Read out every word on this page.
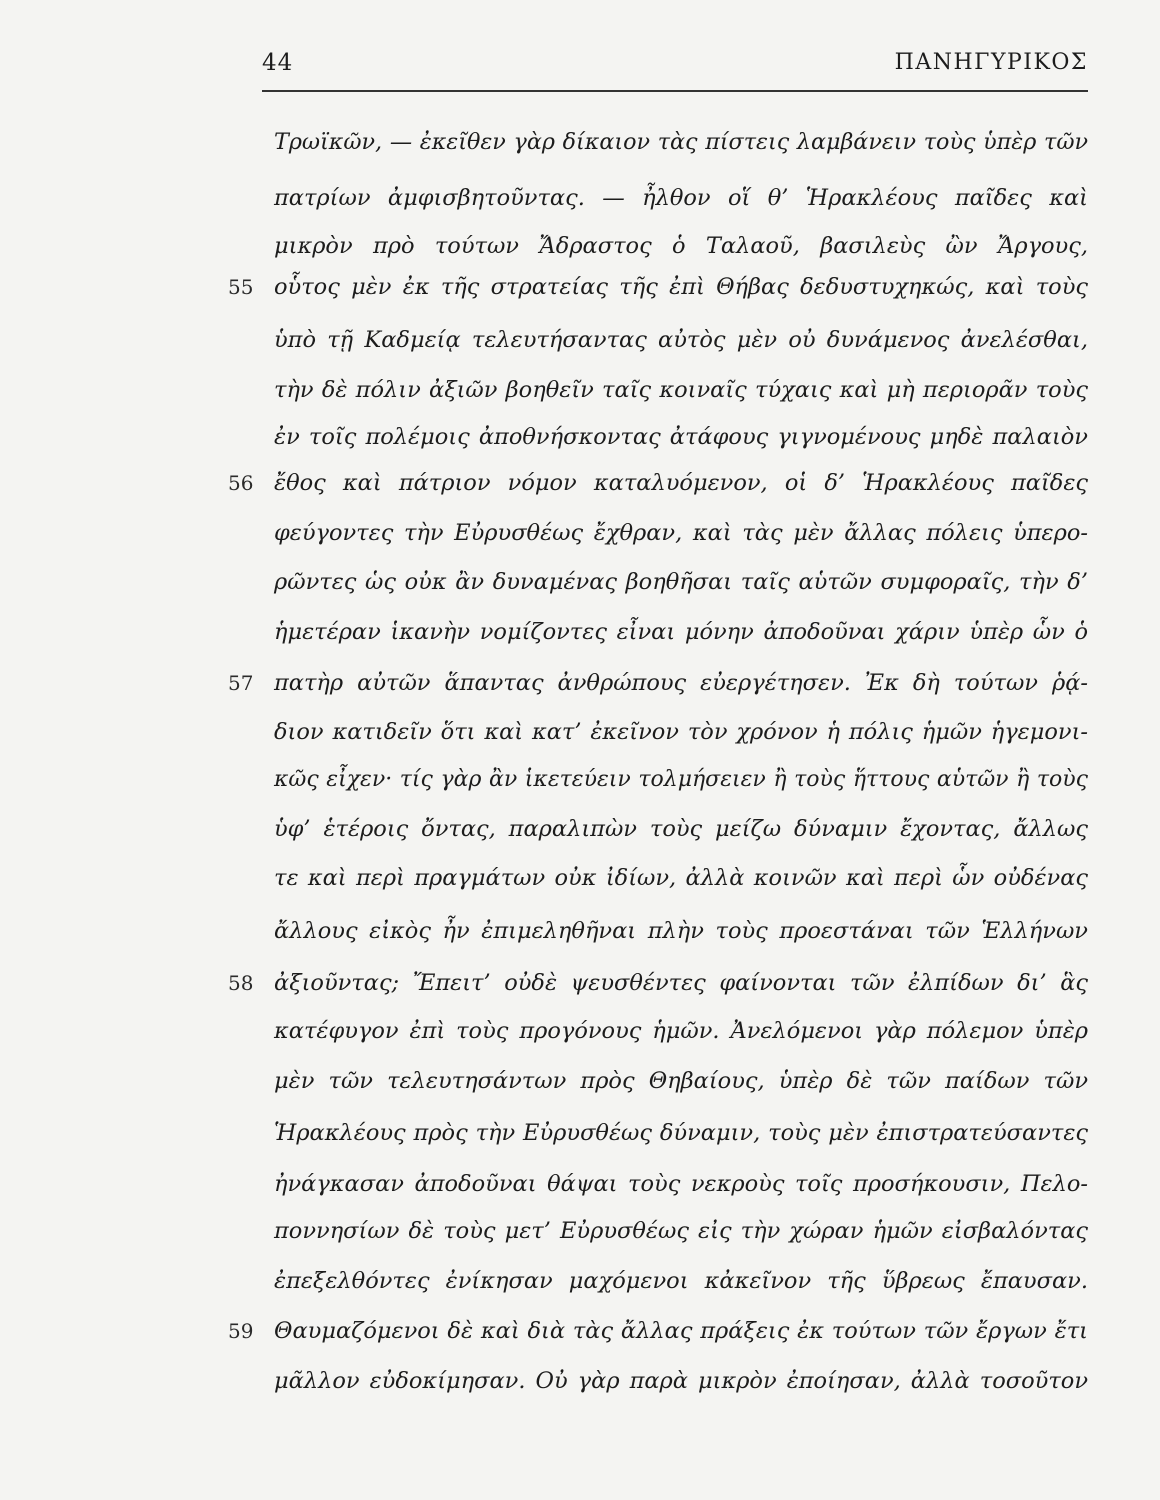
44	ΠΑΝΗΓΥΡΙΚΟΣ
Τρωϊκῶν, — ἐκεῖθεν γὰρ δίκαιον τὰς πίστεις λαμβάνειν τοὺς ὑπὲρ τῶν
πατρίων ἀμφισβητοῦντας. — ἦλθον οἵ θ’ Ἡρακλέους παῖδες καὶ
μικρὸν πρὸ τούτων Ἄδραστος ὁ Ταλαοῦ, βασιλεὺς ὢν Ἄργους,
οὗτος μὲν ἐκ τῆς στρατείας τῆς ἐπὶ Θήβας δεδυστυχηκώς, καὶ τοὺς
ὑπὸ τῇ Καδμείᾳ τελευτήσαντας αὐτὸς μὲν οὐ δυνάμενος ἀνελέσθαι,
τὴν δὲ πόλιν ἀξιῶν βοηθεῖν ταῖς κοιναῖς τύχαις καὶ μὴ περιορᾶν τοὺς
ἐν τοῖς πολέμοις ἀποθνήσκοντας ἀτάφους γιγνομένους μηδὲ παλαιὸν
ἔθος καὶ πάτριον νόμον καταλυόμενον, οἱ δ’ Ἡρακλέους παῖδες
φεύγοντες τὴν Εὐρυσθέως ἔχθραν, καὶ τὰς μὲν ἄλλας πόλεις ὑπερο-
ρῶντες ὡς οὐκ ἂν δυναμένας βοηθῆσαι ταῖς αὑτῶν συμφοραῖς, τὴν δ’
ἡμετέραν ἱκανὴν νομίζοντες εἶναι μόνην ἀποδοῦναι χάριν ὑπὲρ ὧν ὁ
πατὴρ αὐτῶν ἅπαντας ἀνθρώπους εὐεργέτησεν. Ἐκ δὴ τούτων ῥᾴ-
διον κατιδεῖν ὅτι καὶ κατ’ ἐκεῖνον τὸν χρόνον ἡ πόλις ἡμῶν ἡγεμονι-
κῶς εἶχεν· τίς γὰρ ἂν ἱκετεύειν τολμήσειεν ἢ τοὺς ἥττους αὑτῶν ἢ τοὺς
ὑφ’ ἑτέροις ὄντας, παραλιπὼν τοὺς μείζω δύναμιν ἔχοντας, ἄλλως
τε καὶ περὶ πραγμάτων οὐκ ἰδίων, ἀλλὰ κοινῶν καὶ περὶ ὧν οὐδένας
ἄλλους εἰκὸς ἦν ἐπιμεληθῆναι πλὴν τοὺς προεστάναι τῶν Ἑλλήνων
ἀξιοῦντας; Ἔπειτ’ οὐδὲ ψευσθέντες φαίνονται τῶν ἐλπίδων δι’ ἃς
κατέφυγον ἐπὶ τοὺς προγόνους ἡμῶν. Ἀνελόμενοι γὰρ πόλεμον ὑπὲρ
μὲν τῶν τελευτησάντων πρὸς Θηβαίους, ὑπὲρ δὲ τῶν παίδων τῶν
Ἡρακλέους πρὸς τὴν Εὐρυσθέως δύναμιν, τοὺς μὲν ἐπιστρατεύσαντες
ἠνάγκασαν ἀποδοῦναι θάψαι τοὺς νεκροὺς τοῖς προσήκουσιν, Πελο-
ποννησίων δὲ τοὺς μετ’ Εὐρυσθέως εἰς τὴν χώραν ἡμῶν εἰσβαλόντας
ἐπεξελθόντες ἐνίκησαν μαχόμενοι κἀκεῖνον τῆς ὕβρεως ἔπαυσαν.
Θαυμαζόμενοι δὲ καὶ διὰ τὰς ἄλλας πράξεις ἐκ τούτων τῶν ἔργων ἔτι
μᾶλλον εὐδοκίμησαν. Οὐ γὰρ παρὰ μικρὸν ἐποίησαν, ἀλλὰ τοσοῦτον
55
56
57
58
59
